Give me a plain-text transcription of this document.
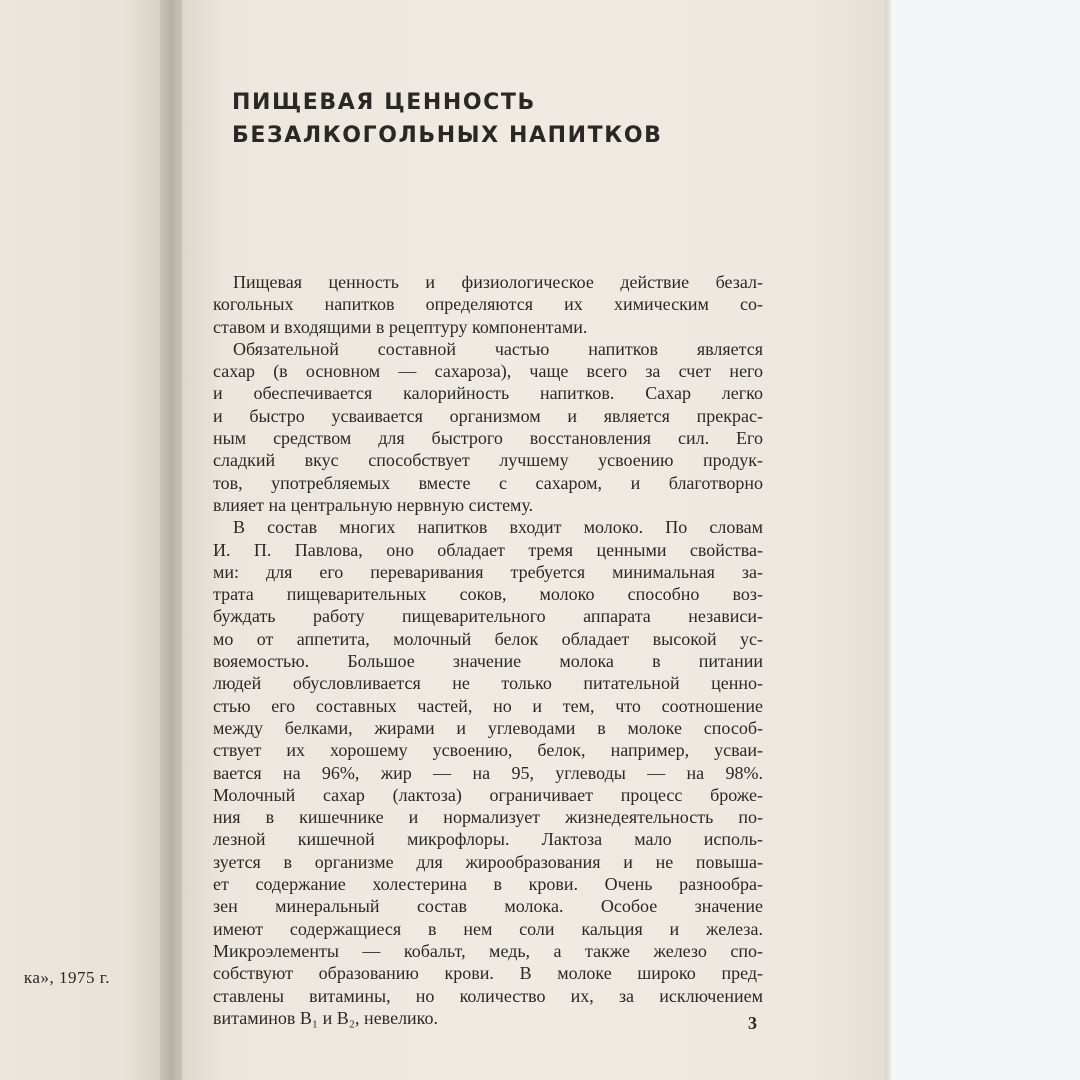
ка», 1975 г.
ПИЩЕВАЯ ЦЕННОСТЬ
БЕЗАЛКОГОЛЬНЫХ НАПИТКОВ
Пищевая ценность и физиологическое действие безал-
когольных напитков определяются их химическим со-
ставом и входящими в рецептуру компонентами.
Обязательной составной частью напитков является
сахар (в основном — сахароза), чаще всего за счет него
и обеспечивается калорийность напитков. Сахар легко
и быстро усваивается организмом и является прекрас-
ным средством для быстрого восстановления сил. Его
сладкий вкус способствует лучшему усвоению продук-
тов, употребляемых вместе с сахаром, и благотворно
влияет на центральную нервную систему.
В состав многих напитков входит молоко. По словам
И. П. Павлова, оно обладает тремя ценными свойства-
ми: для его переваривания требуется минимальная за-
трата пищеварительных соков, молоко способно воз-
буждать работу пищеварительного аппарата независи-
мо от аппетита, молочный белок обладает высокой ус-
вояемостью. Большое значение молока в питании
людей обусловливается не только питательной ценно-
стью его составных частей, но и тем, что соотношение
между белками, жирами и углеводами в молоке способ-
ствует их хорошему усвоению, белок, например, усваи-
вается на 96%, жир — на 95, углеводы — на 98%.
Молочный сахар (лактоза) ограничивает процесс броже-
ния в кишечнике и нормализует жизнедеятельность по-
лезной кишечной микрофлоры. Лактоза мало исполь-
зуется в организме для жирообразования и не повыша-
ет содержание холестерина в крови. Очень разнообра-
зен минеральный состав молока. Особое значение
имеют содержащиеся в нем соли кальция и железа.
Микроэлементы — кобальт, медь, а также железо спо-
собствуют образованию крови. В молоке широко пред-
ставлены витамины, но количество их, за исключением
витаминов B₁ и B₂, невелико.	3
